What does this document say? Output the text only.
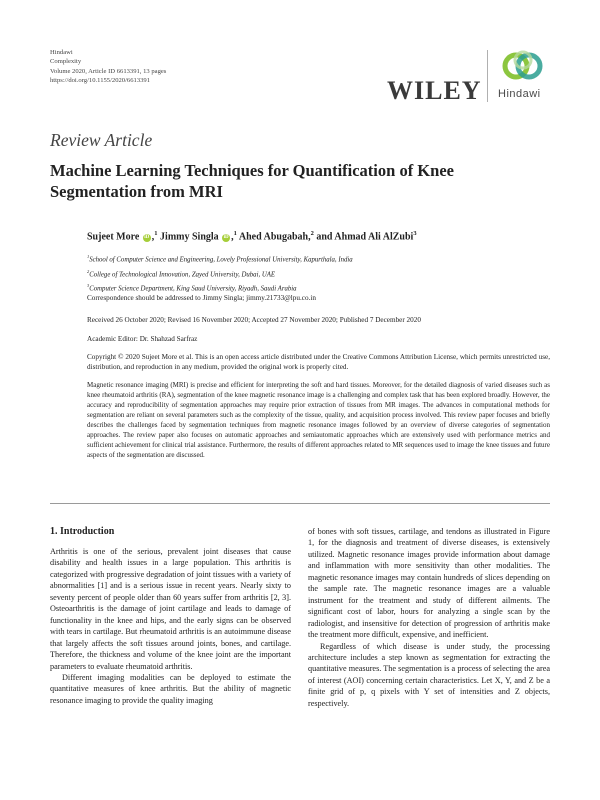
Hindawi
Complexity
Volume 2020, Article ID 6613391, 13 pages
https://doi.org/10.1155/2020/6613391	WILEY Hindawi
Review Article
Machine Learning Techniques for Quantification of Knee Segmentation from MRI
Sujeet More iD ,$^1$ Jimmy Singla iD ,$^1$ Ahed Abugabah,$^2$ and Ahmad Ali AlZubi$^3$
$^1$School of Computer Science and Engineering, Lovely Professional University, Kapurthala, India
$^2$College of Technological Innovation, Zayed University, Dubai, UAE
$^3$Computer Science Department, King Saud University, Riyadh, Saudi Arabia
Correspondence should be addressed to Jimmy Singla; jimmy.21733@lpu.co.in
Received 26 October 2020; Revised 16 November 2020; Accepted 27 November 2020; Published 7 December 2020
Academic Editor: Dr. Shahzad Sarfraz
Copyright © 2020 Sujeet More et al. This is an open access article distributed under the Creative Commons Attribution License, which permits unrestricted use, distribution, and reproduction in any medium, provided the original work is properly cited.
Magnetic resonance imaging (MRI) is precise and efficient for interpreting the soft and hard tissues. Moreover, for the detailed diagnosis of varied diseases such as knee rheumatoid arthritis (RA), segmentation of the knee magnetic resonance image is a challenging and complex task that has been explored broadly. However, the accuracy and reproducibility of segmentation approaches may require prior extraction of tissues from MR images. The advances in computational methods for segmentation are reliant on several parameters such as the complexity of the tissue, quality, and acquisition process involved. This review paper focuses and briefly describes the challenges faced by segmentation techniques from magnetic resonance images followed by an overview of diverse categories of segmentation approaches. The review paper also focuses on automatic approaches and semiautomatic approaches which are extensively used with performance metrics and sufficient achievement for clinical trial assistance. Furthermore, the results of different approaches related to MR sequences used to image the knee tissues and future aspects of the segmentation are discussed.
1. Introduction

Arthritis is one of the serious, prevalent joint diseases that cause disability and health issues in a large population. This arthritis is categorized with progressive degradation of joint tissues with a variety of abnormalities [1] and is a serious issue in recent years. Nearly sixty to seventy percent of people older than 60 years suffer from arthritis [2, 3]. Osteoarthritis is the damage of joint cartilage and leads to damage of functionality in the knee and hips, and the early signs can be observed with tears in cartilage. But rheumatoid arthritis is an autoimmune disease that largely affects the soft tissues around joints, bones, and cartilage. Therefore, the thickness and volume of the knee joint are the important parameters to evaluate rheumatoid arthritis.

Different imaging modalities can be deployed to estimate the quantitative measures of knee arthritis. But the ability of magnetic resonance imaging to provide the quality imaging

of bones with soft tissues, cartilage, and tendons as illustrated in Figure 1, for the diagnosis and treatment of diverse diseases, is extensively utilized. Magnetic resonance images provide information about damage and inflammation with more sensitivity than other modalities. The magnetic resonance images may contain hundreds of slices depending on the sample rate. The magnetic resonance images are a valuable instrument for the treatment and study of different ailments. The significant cost of labor, hours for analyzing a single scan by the radiologist, and insensitive for detection of progression of arthritis make the treatment more difficult, expensive, and inefficient.

Regardless of which disease is under study, the processing architecture includes a step known as segmentation for extracting the quantitative measures. The segmentation is a process of selecting the area of interest (AOI) concerning certain characteristics. Let X, Y, and Z be a finite grid of p, q pixels with Y set of intensities and Z objects, respectively.
